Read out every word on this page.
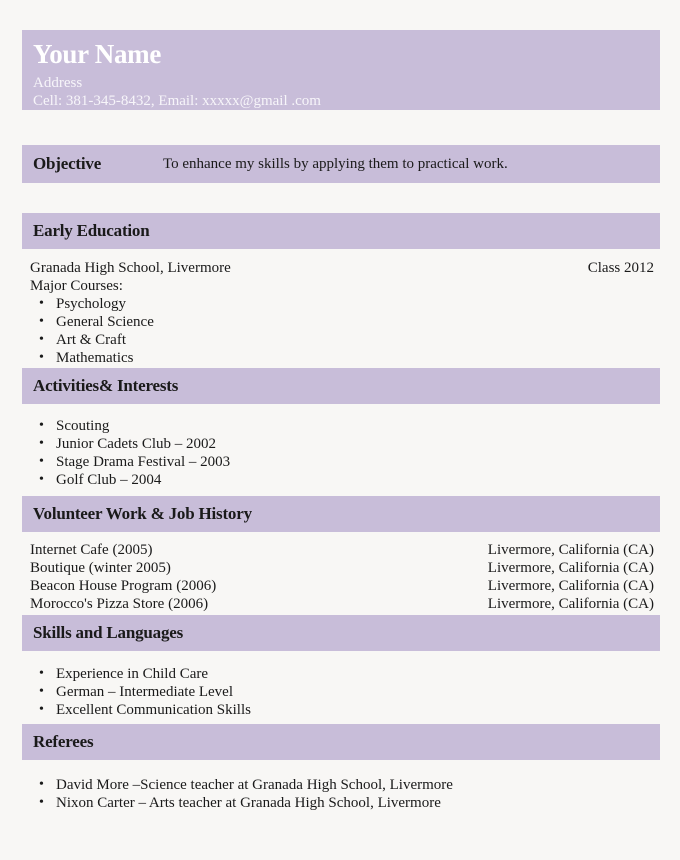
Your Name
Address
Cell: 381-345-8432, Email: xxxxx@gmail .com
Objective	To enhance my skills by applying them to practical work.
Early Education
Granada High School, Livermore	Class 2012
Major Courses:
• Psychology
• General Science
• Art & Craft
• Mathematics
Activities& Interests
• Scouting
• Junior Cadets Club – 2002
• Stage Drama Festival – 2003
• Golf Club – 2004
Volunteer Work & Job History
Internet Cafe (2005)	Livermore, California (CA)
Boutique (winter 2005)	Livermore, California (CA)
Beacon House Program (2006)	Livermore, California (CA)
Morocco's Pizza Store (2006)	Livermore, California (CA)
Skills and Languages
• Experience in Child Care
• German – Intermediate Level
• Excellent Communication Skills
Referees
• David More –Science teacher at Granada High School, Livermore
• Nixon Carter – Arts teacher at Granada High School, Livermore
